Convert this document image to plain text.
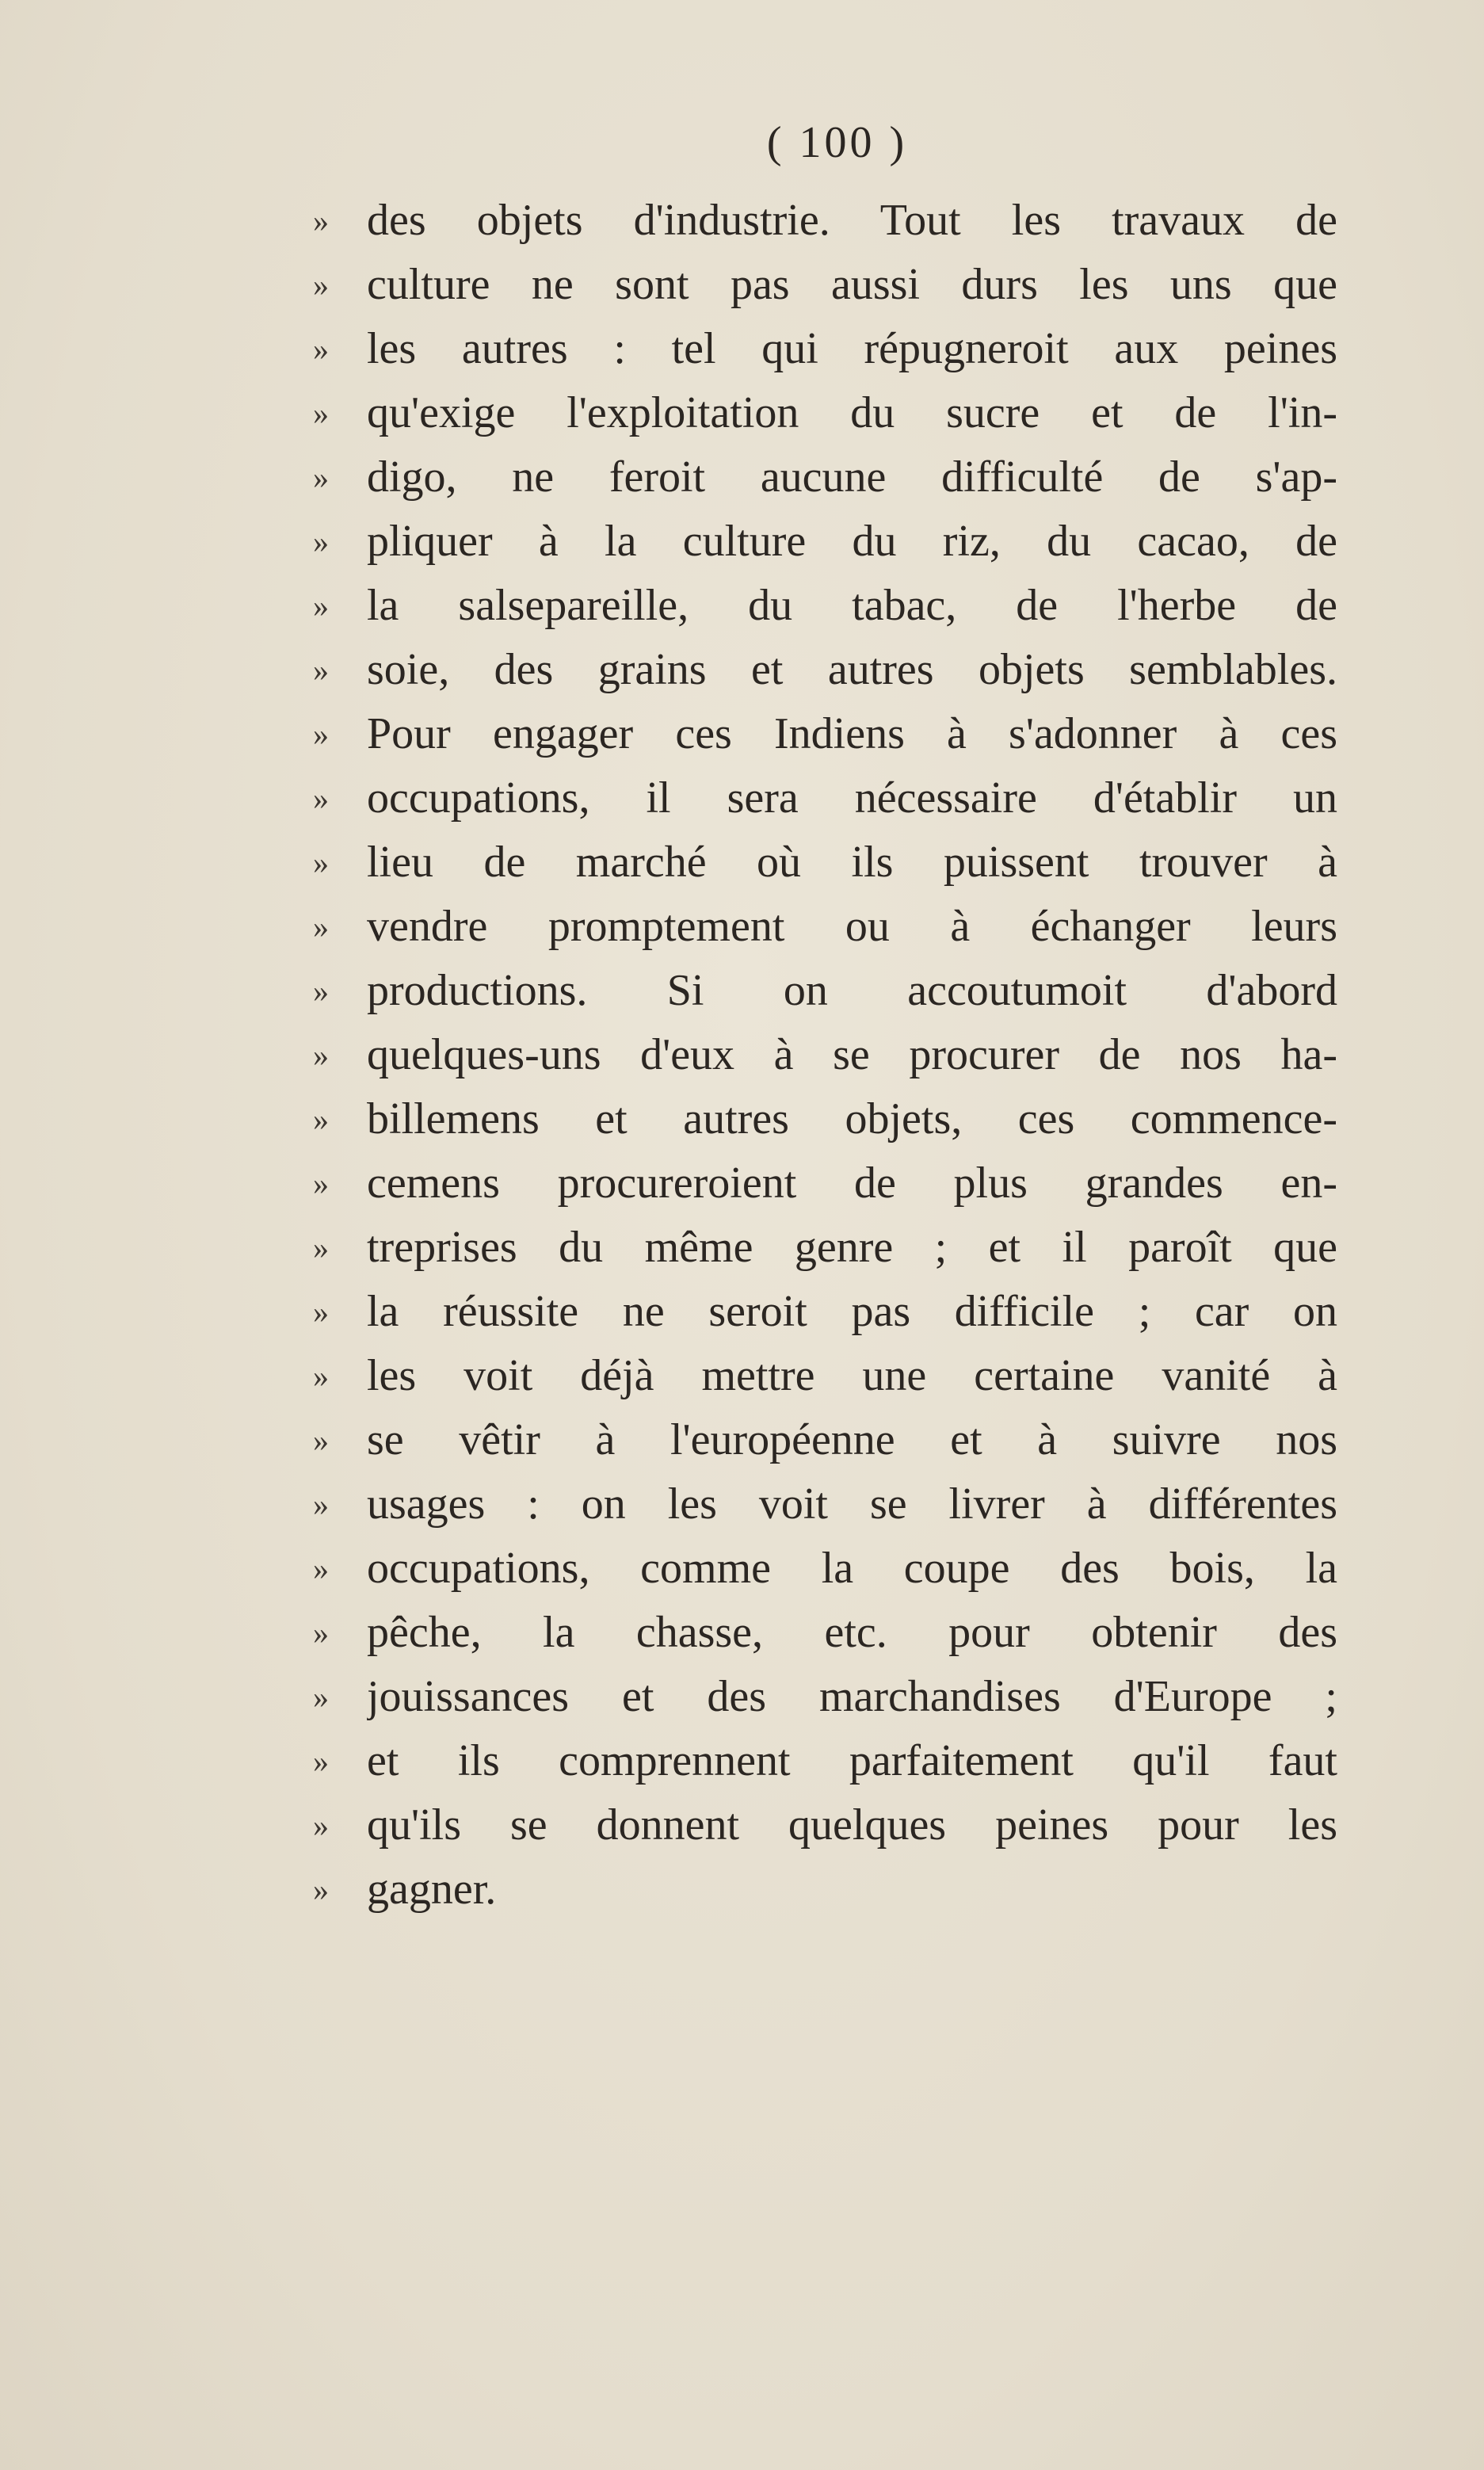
( 100 )
» des objets d'industrie. Tout les travaux de
» culture ne sont pas aussi durs les uns que
» les autres : tel qui répugneroit aux peines
» qu'exige l'exploitation du sucre et de l'in-
» digo, ne feroit aucune difficulté de s'ap-
» pliquer à la culture du riz, du cacao, de
» la salsepareille, du tabac, de l'herbe de
» soie, des grains et autres objets semblables.
» Pour engager ces Indiens à s'adonner à ces
» occupations, il sera nécessaire d'établir un
» lieu de marché où ils puissent trouver à
» vendre promptement ou à échanger leurs
» productions. Si on accoutumoit d'abord
» quelques-uns d'eux à se procurer de nos ha-
» billemens et autres objets, ces commence-
» cemens procureroient de plus grandes en-
» treprises du même genre ; et il paroît que
» la réussite ne seroit pas difficile ; car on
» les voit déjà mettre une certaine vanité à
» se vêtir à l'européenne et à suivre nos
» usages : on les voit se livrer à différentes
» occupations, comme la coupe des bois, la
» pêche, la chasse, etc. pour obtenir des
» jouissances et des marchandises d'Europe ;
» et ils comprennent parfaitement qu'il faut
» qu'ils se donnent quelques peines pour les
» gagner.
